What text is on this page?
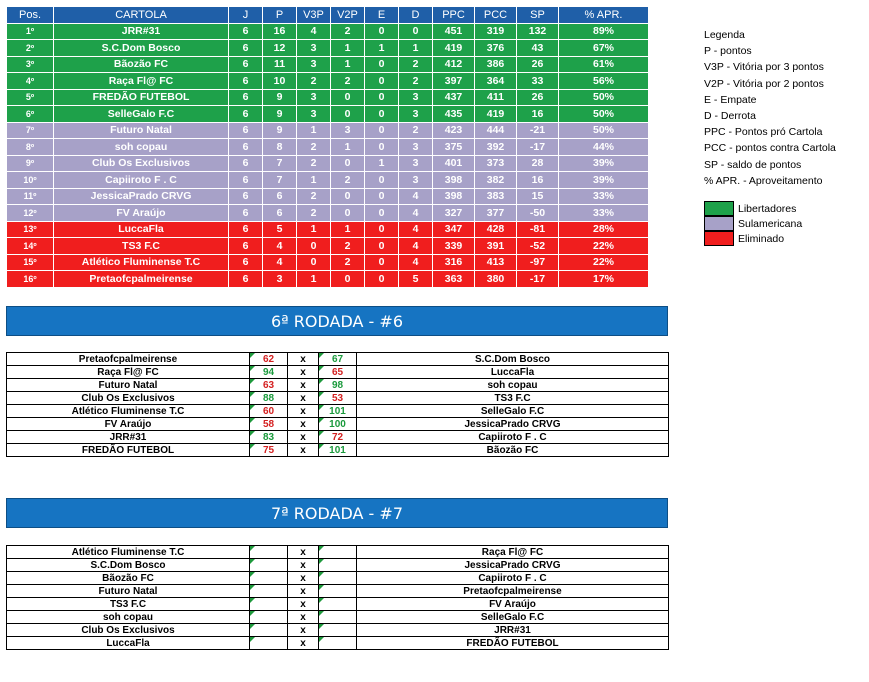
Pos.	CARTOLA	J	P	V3P	V2P	E	D	PPC	PCC	SP	% APR.
1º	JRR#31	6	16	4	2	0	0	451	319	132	89%
2º	S.C.Dom Bosco	6	12	3	1	1	1	419	376	43	67%
3º	Bãozão FC	6	11	3	1	0	2	412	386	26	61%
4º	Raça Fl@ FC	6	10	2	2	0	2	397	364	33	56%
5º	FREDÃO FUTEBOL	6	9	3	0	0	3	437	411	26	50%
6º	SelleGalo F.C	6	9	3	0	0	3	435	419	16	50%
7º	Futuro Natal	6	9	1	3	0	2	423	444	-21	50%
8º	soh copau	6	8	2	1	0	3	375	392	-17	44%
9º	Club Os Exclusivos	6	7	2	0	1	3	401	373	28	39%
10º	Capiiroto F . C	6	7	1	2	0	3	398	382	16	39%
11º	JessicaPrado CRVG	6	6	2	0	0	4	398	383	15	33%
12º	FV Araújo	6	6	2	0	0	4	327	377	-50	33%
13º	LuccaFla	6	5	1	1	0	4	347	428	-81	28%
14º	TS3 F.C	6	4	0	2	0	4	339	391	-52	22%
15º	Atlético Fluminense T.C	6	4	0	2	0	4	316	413	-97	22%
16º	Pretaofcpalmeirense	6	3	1	0	0	5	363	380	-17	17%
Legenda
P - pontos
V3P - Vitória por 3 pontos
V2P - Vitória por 2 pontos
E - Empate
D - Derrota
PPC - Pontos pró Cartola
PCC - pontos contra Cartola
SP - saldo de pontos
% APR. - Aproveitamento
Libertadores
Sulamericana
Eliminado
6ª RODADA - #6
Pretaofcpalmeirense	62	x	67	S.C.Dom Bosco
Raça Fl@ FC	94	x	65	LuccaFla
Futuro Natal	63	x	98	soh copau
Club Os Exclusivos	88	x	53	TS3 F.C
Atlético Fluminense T.C	60	x	101	SelleGalo F.C
FV Araújo	58	x	100	JessicaPrado CRVG
JRR#31	83	x	72	Capiiroto F . C
FREDÃO FUTEBOL	75	x	101	Bãozão FC
7ª RODADA - #7
Atlético Fluminense T.C		x		Raça Fl@ FC
S.C.Dom Bosco		x		JessicaPrado CRVG
Bãozão FC		x		Capiiroto F . C
Futuro Natal		x		Pretaofcpalmeirense
TS3 F.C		x		FV Araújo
soh copau		x		SelleGalo F.C
Club Os Exclusivos		x		JRR#31
LuccaFla		x		FREDÃO FUTEBOL
